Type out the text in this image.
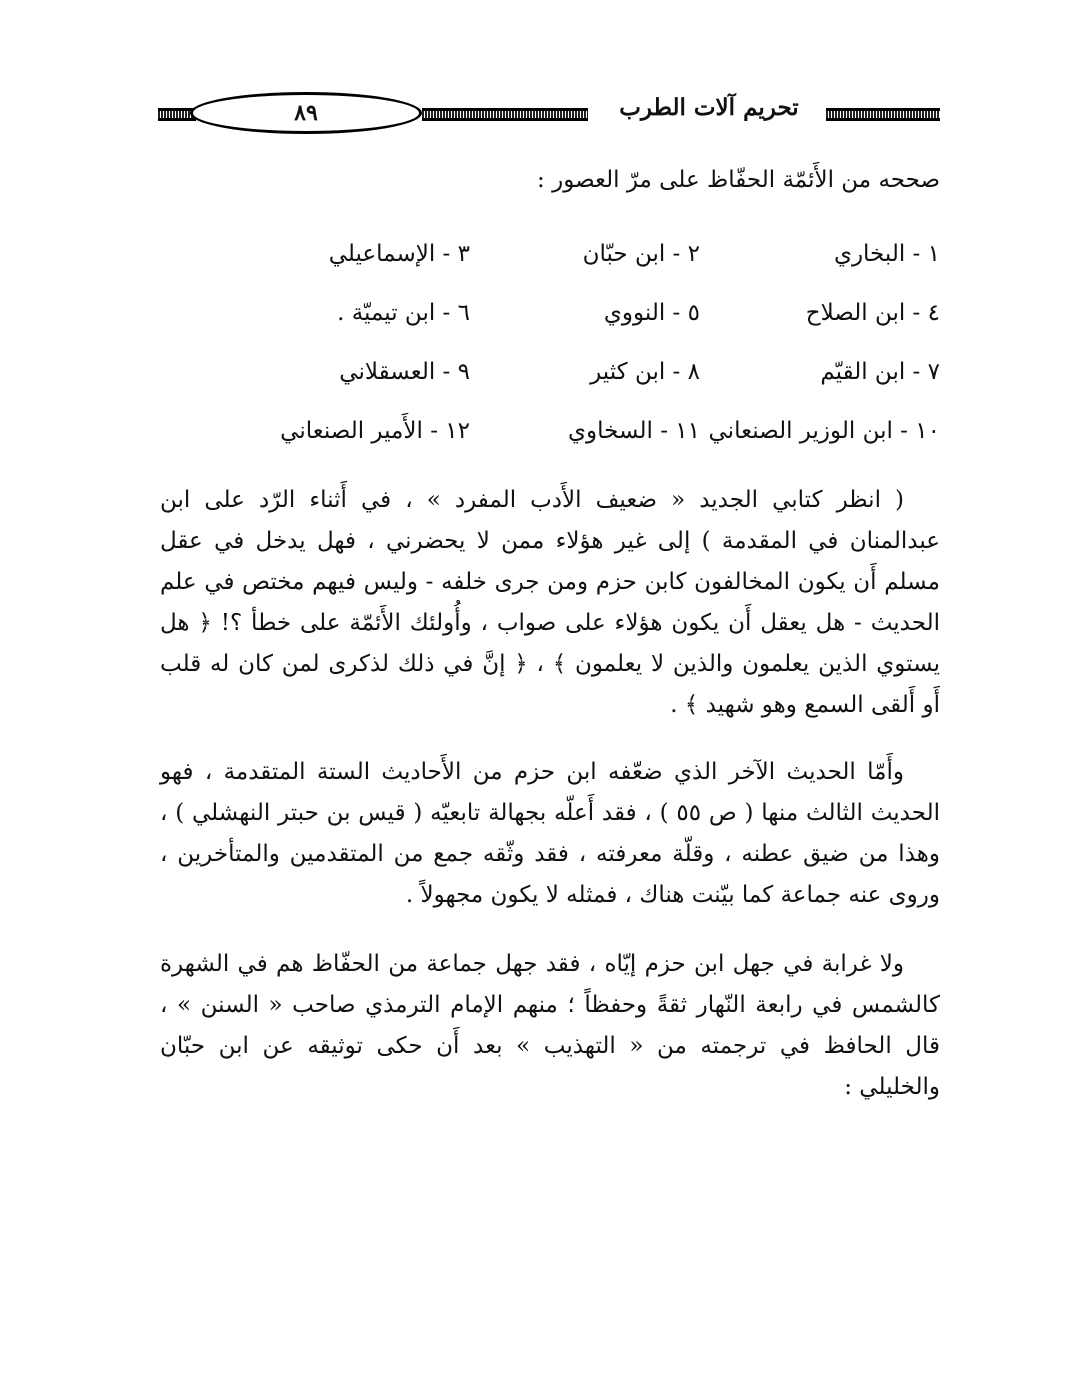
٨٩	تحريم آلات الطرب

صححه من الأَئمّة الحفّاظ على مرّ العصور :

١ - البخاري
٢ - ابن حبّان
٣ - الإسماعيلي
٤ - ابن الصلاح
٥ - النووي
٦ - ابن تيميّة .
٧ - ابن القيّم
٨ - ابن كثير
٩ - العسقلاني
١٠ - ابن الوزير الصنعاني
١١ - السخاوي
١٢ - الأَمير الصنعاني

( انظر كتابي الجديد « ضعيف الأَدب المفرد » ، في أَثناء الرّد على ابن عبدالمنان في المقدمة ) إلى غير هؤلاء ممن لا يحضرني ، فهل يدخل في عقل مسلم أَن يكون المخالفون كابن حزم ومن جرى خلفه - وليس فيهم مختص في علم الحديث - هل يعقل أَن يكون هؤلاء على صواب ، وأُولئك الأَئمّة على خطأ ؟! ﴿ هل يستوي الذين يعلمون والذين لا يعلمون ﴾ ، ﴿ إنَّ في ذلك لذكرى لمن كان له قلب أَو أَلقى السمع وهو شهيد ﴾ .

وأَمّا الحديث الآخر الذي ضعّفه ابن حزم من الأَحاديث الستة المتقدمة ، فهو الحديث الثالث منها ( ص ٥٥ ) ، فقد أَعلّه بجهالة تابعيّه ( قيس بن حبتر النهشلي ) ، وهذا من ضيق عطنه ، وقلّة معرفته ، فقد وثّقه جمع من المتقدمين والمتأخرين ، وروى عنه جماعة كما بيّنت هناك ، فمثله لا يكون مجهولاً .

ولا غرابة في جهل ابن حزم إيّاه ، فقد جهل جماعة من الحفّاظ هم في الشهرة كالشمس في رابعة النّهار ثقةً وحفظاً ؛ منهم الإمام الترمذي صاحب « السنن » ، قال الحافظ في ترجمته من « التهذيب » بعد أَن حكى توثيقه عن ابن حبّان والخليلي :
